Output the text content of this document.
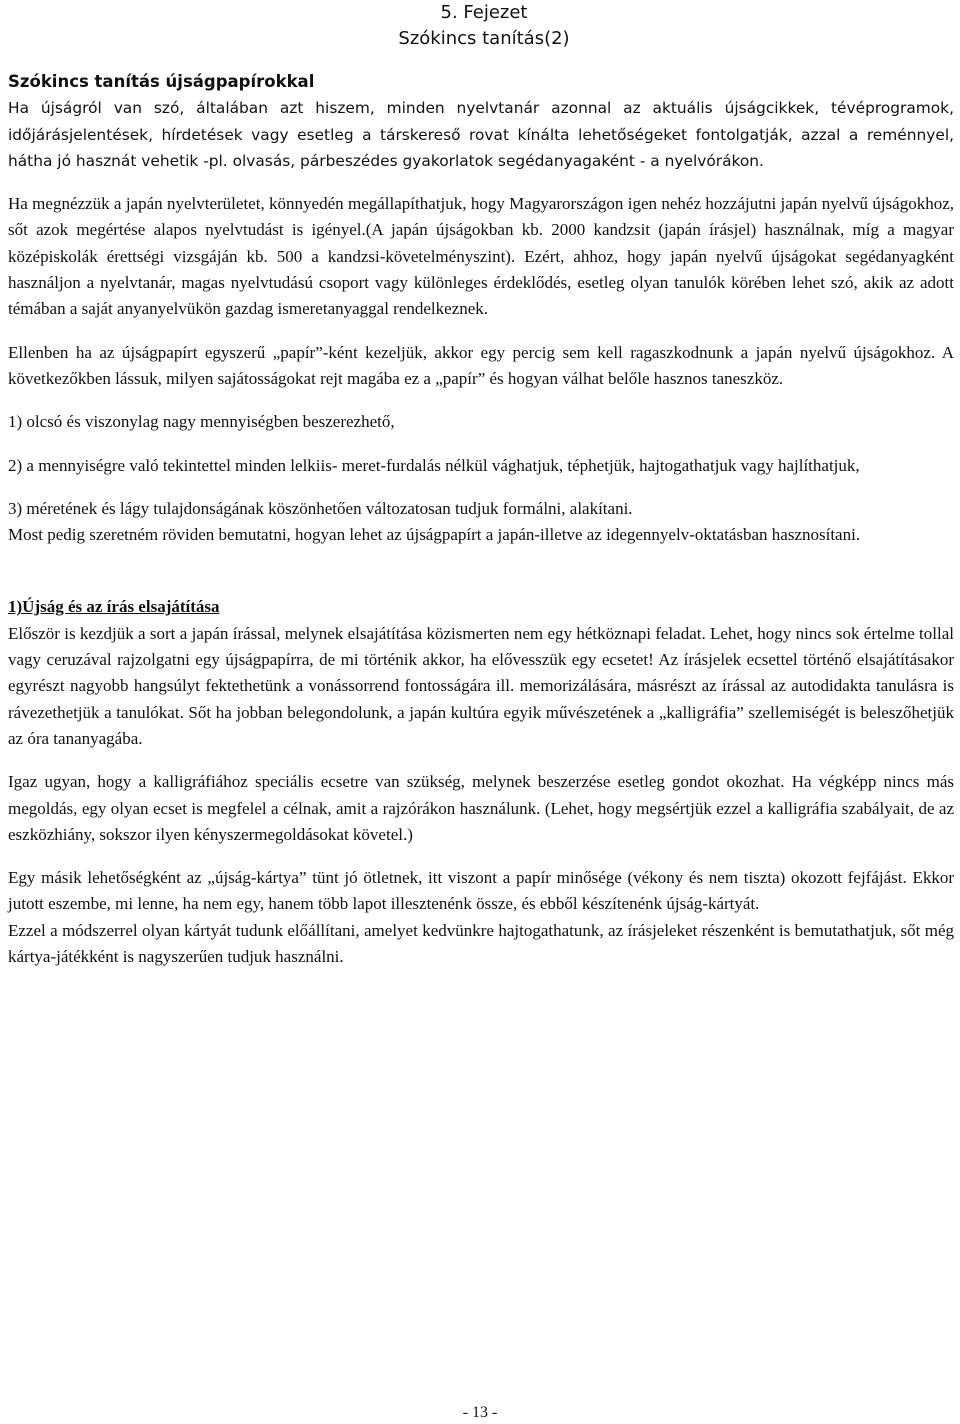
5. Fejezet
Szókincs tanítás(2)
Szókincs tanítás újságpapírokkal

Ha újságról van szó, általában azt hiszem, minden nyelvtanár azonnal az aktuális újságcikkek, tévéprogramok, időjárásjelentések, hírdetések vagy esetleg a társkereső rovat kínálta lehetőségeket fontolgatják, azzal a reménnyel, hátha jó hasznát vehetik -pl. olvasás, párbeszédes gyakorlatok segédanyagaként - a nyelvórákon.

Ha megnézzük a japán nyelvterületet, könnyedén megállapíthatjuk, hogy Magyarországon igen nehéz hozzájutni japán nyelvű újságokhoz, sőt azok megértése alapos nyelvtudást is igényel.(A japán újságokban kb. 2000 kandzsit (japán írásjel) használnak, míg a magyar középiskolák érettségi vizsgáján kb. 500 a kandzsi-követelményszint). Ezért, ahhoz, hogy japán nyelvű újságokat segédanyagként használjon a nyelvtanár, magas nyelvtudású csoport vagy különleges érdeklődés, esetleg olyan tanulók körében lehet szó, akik az adott témában a saját anyanyelvükön gazdag ismeretanyaggal rendelkeznek.

Ellenben ha az újságpapírt egyszerű „papír”-ként kezeljük, akkor egy percig sem kell ragaszkodnunk a japán nyelvű újságokhoz. A következőkben lássuk, milyen sajátosságokat rejt magába ez a „papír” és hogyan válhat belőle hasznos taneszköz.

1) olcsó és viszonylag nagy mennyiségben beszerezhető,

2) a mennyiségre való tekintettel minden lelkiis- meret-furdalás nélkül vághatjuk, téphetjük, hajtogathatjuk vagy hajlíthatjuk,

3) méretének és lágy tulajdonságának köszönhetően változatosan tudjuk formálni, alakítani.

Most pedig szeretném röviden bemutatni, hogyan lehet az újságpapírt a japán-illetve az idegennyelv-oktatásban hasznosítani.

1)Újság és az írás elsajátítása

Először is kezdjük a sort a japán írással, melynek elsajátítása közismerten nem egy hétköznapi feladat. Lehet, hogy nincs sok értelme tollal vagy ceruzával rajzolgatni egy újságpapírra, de mi történik akkor, ha elővesszük egy ecsetet! Az írásjelek ecsettel történő elsajátításakor egyrészt nagyobb hangsúlyt fektethetünk a vonássorrend fontosságára ill. memorizálására, másrészt az írással az autodidakta tanulásra is rávezethetjük a tanulókat. Sőt ha jobban belegondolunk, a japán kultúra egyik művészetének a „kalligráfia” szellemiségét is beleszőhetjük az óra tananyagába.

Igaz ugyan, hogy a kalligráfiához speciális ecsetre van szükség, melynek beszerzése esetleg gondot okozhat. Ha végképp nincs más megoldás, egy olyan ecset is megfelel a célnak, amit a rajzórákon használunk. (Lehet, hogy megsértjük ezzel a kalligráfia szabályait, de az eszközhiány, sokszor ilyen kényszermegoldásokat követel.)

Egy másik lehetőségként az „újság-kártya” tünt jó ötletnek, itt viszont a papír minősége (vékony és nem tiszta) okozott fejfájást. Ekkor jutott eszembe, mi lenne, ha nem egy, hanem több lapot illesztenénk össze, és ebből készítenénk újság-kártyát.

Ezzel a módszerrel olyan kártyát tudunk előállítani, amelyet kedvünkre hajtogathatunk, az írásjeleket részenként is bemutathatjuk, sőt még kártya-játékként is nagyszerűen tudjuk használni.

- 13 -
